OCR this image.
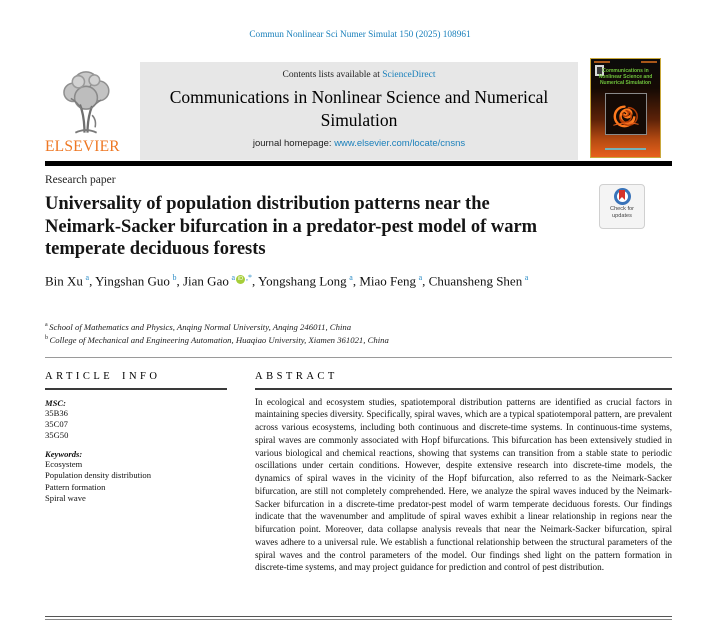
Commun Nonlinear Sci Numer Simulat 150 (2025) 108961
ELSEVIER
Contents lists available at ScienceDirect
Communications in Nonlinear Science and Numerical Simulation
journal homepage: www.elsevier.com/locate/cnsns
Communications in Nonlinear Science and Numerical Simulation
Research paper
Universality of population distribution patterns near the Neimark-Sacker bifurcation in a predator-pest model of warm temperate deciduous forests
Check for
updates
Bin Xu $^a$, Yingshan Guo $^b$, Jian Gao $^a$ iD ,*, Yongshang Long $^a$, Miao Feng $^a$, Chuansheng Shen $^a$
$^a$ School of Mathematics and Physics, Anqing Normal University, Anqing 246011, China
$^b$ College of Mechanical and Engineering Automation, Huaqiao University, Xiamen 361021, China
ARTICLE INFO
MSC:
35B36
35C07
35G50
Keywords:
Ecosystem
Population density distribution
Pattern formation
Spiral wave
ABSTRACT
In ecological and ecosystem studies, spatiotemporal distribution patterns are identified as crucial factors in maintaining species diversity. Specifically, spiral waves, which are a typical spatiotemporal pattern, are prevalent across various ecosystems, including both continuous and discrete-time systems. In continuous-time systems, spiral waves are commonly associated with Hopf bifurcations. This bifurcation has been extensively studied in various biological and chemical reactions, showing that systems can transition from a stable state to periodic oscillations under certain conditions. However, despite extensive research into discrete-time models, the dynamics of spiral waves in the vicinity of the Hopf bifurcation, also referred to as the Neimark-Sacker bifurcation, are still not completely comprehended. Here, we analyze the spiral waves induced by the Neimark-Sacker bifurcation in a discrete-time predator-pest model of warm temperate deciduous forests. Our findings indicate that the wavenumber and amplitude of spiral waves exhibit a linear relationship in regions near the bifurcation point. Moreover, data collapse analysis reveals that near the Neimark-Sacker bifurcation, spiral waves adhere to a universal rule. We establish a functional relationship between the structural parameters of the spiral waves and the control parameters of the model. Our findings shed light on the pattern formation in discrete-time systems, and may project guidance for prediction and control of pest distribution.
